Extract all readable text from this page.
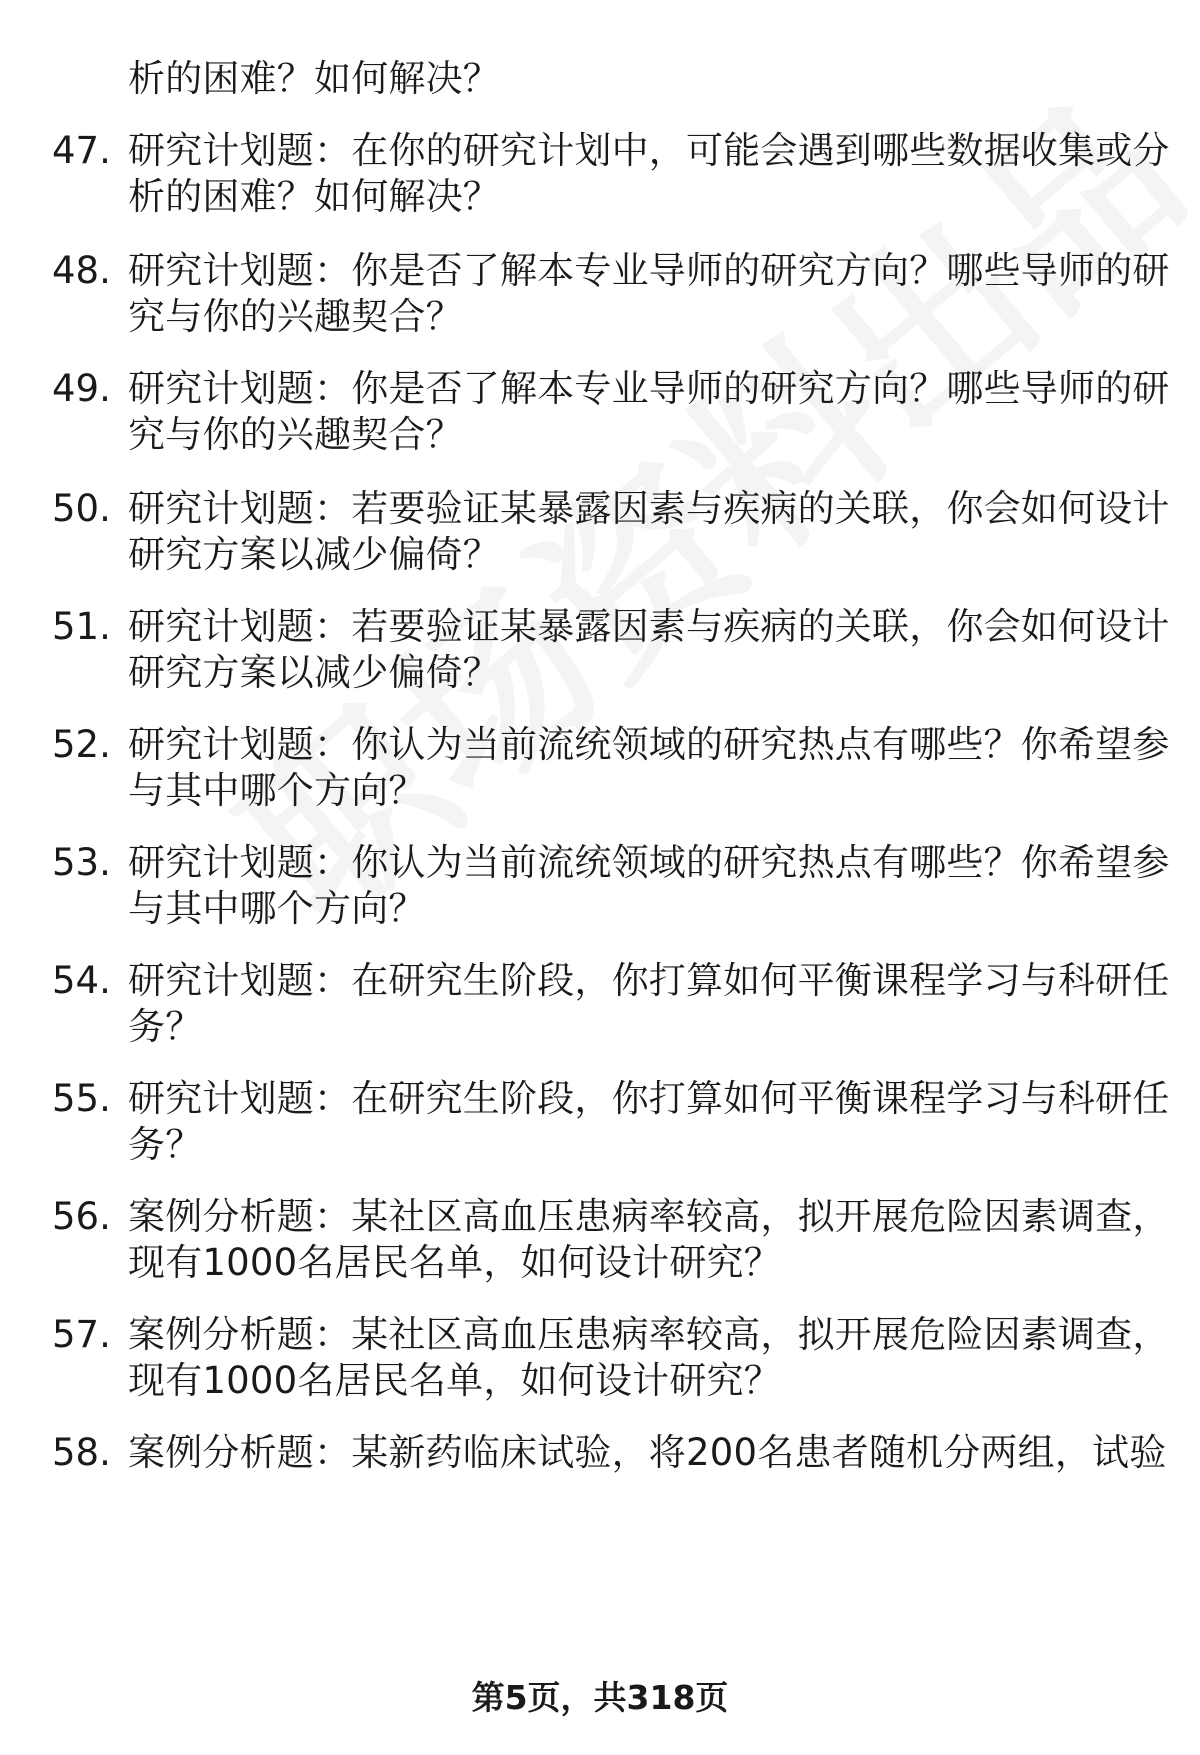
析的困难？如何解决？
47. 研究计划题：在你的研究计划中，可能会遇到哪些数据收集或分
析的困难？如何解决？
48. 研究计划题：你是否了解本专业导师的研究方向？哪些导师的研
究与你的兴趣契合？
49. 研究计划题：你是否了解本专业导师的研究方向？哪些导师的研
究与你的兴趣契合？
50. 研究计划题：若要验证某暴露因素与疾病的关联，你会如何设计
研究方案以减少偏倚？
51. 研究计划题：若要验证某暴露因素与疾病的关联，你会如何设计
研究方案以减少偏倚？
52. 研究计划题：你认为当前流统领域的研究热点有哪些？你希望参
与其中哪个方向？
53. 研究计划题：你认为当前流统领域的研究热点有哪些？你希望参
与其中哪个方向？
54. 研究计划题：在研究生阶段，你打算如何平衡课程学习与科研任
务？
55. 研究计划题：在研究生阶段，你打算如何平衡课程学习与科研任
务？
56. 案例分析题：某社区高血压患病率较高，拟开展危险因素调查，
现有1000名居民名单，如何设计研究？
57. 案例分析题：某社区高血压患病率较高，拟开展危险因素调查，
现有1000名居民名单，如何设计研究？
58. 案例分析题：某新药临床试验，将200名患者随机分两组，试验
第5页，共318页
